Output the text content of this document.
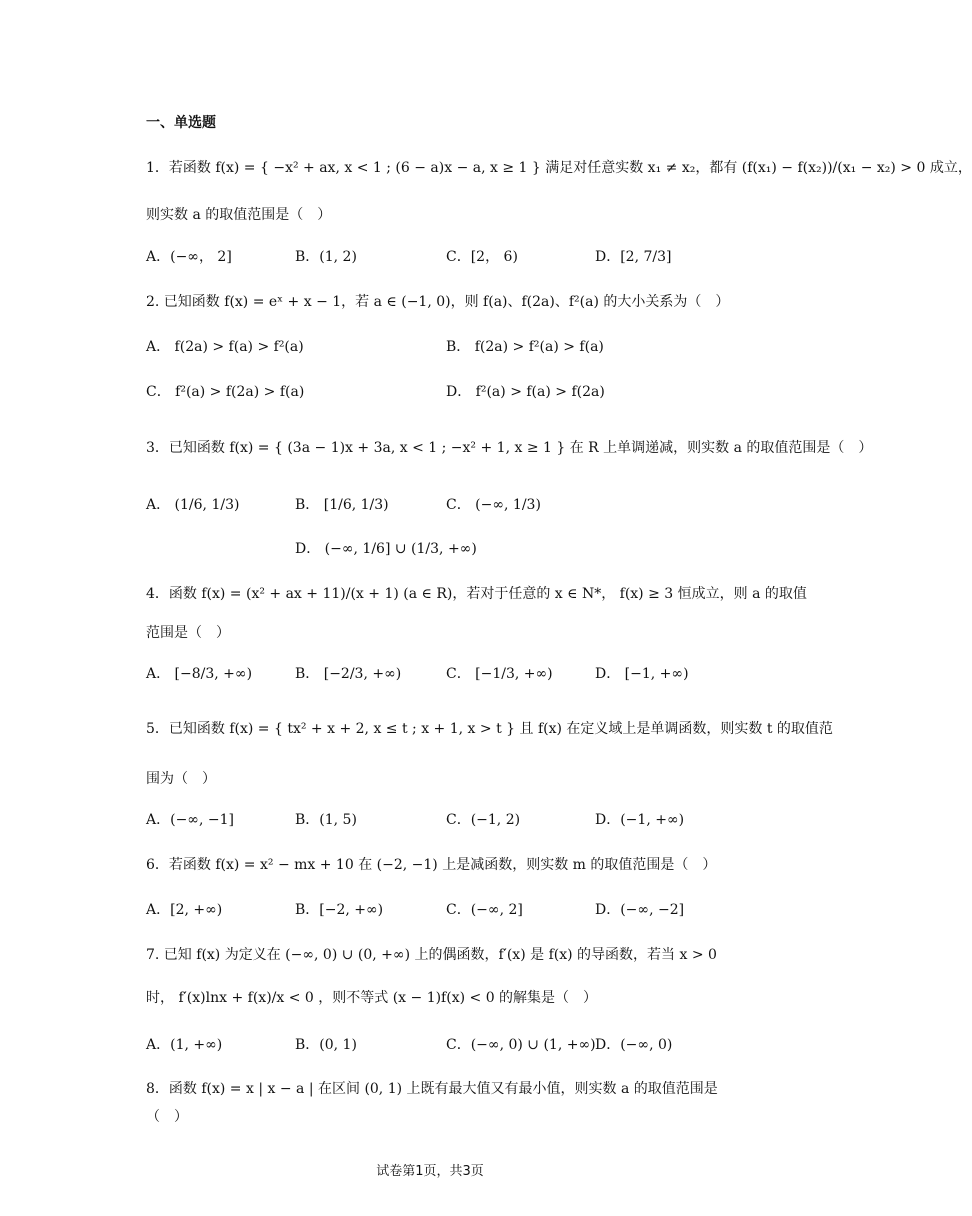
一、单选题
1．若函数 f(x) = { −x² + ax, x < 1 ; (6 − a)x − a, x ≥ 1 } 满足对任意实数 x₁ ≠ x₂，都有 (f(x₁) − f(x₂))/(x₁ − x₂) > 0 成立，
则实数 a 的取值范围是（　）
A．(−∞， 2]	B．(1, 2)	C．[2， 6)	D．[2, 7/3]
2. 已知函数 f(x) = eˣ + x − 1，若 a ∈ (−1, 0)，则 f(a)、f(2a)、f²(a) 的大小关系为（　）
A． f(2a) > f(a) > f²(a)	B． f(2a) > f²(a) > f(a)
C． f²(a) > f(2a) > f(a)	D． f²(a) > f(a) > f(2a)
3．已知函数 f(x) = { (3a − 1)x + 3a, x < 1 ; −x² + 1, x ≥ 1 } 在 R 上单调递减，则实数 a 的取值范围是（　）
A． (1/6, 1/3)	B． [1/6, 1/3)	C． (−∞, 1/3)
D． (−∞, 1/6] ∪ (1/3, +∞)
4．函数 f(x) = (x² + ax + 11)/(x + 1) (a ∈ R)，若对于任意的 x ∈ N*， f(x) ≥ 3 恒成立，则 a 的取值
范围是（　）
A． [−8/3, +∞)	B． [−2/3, +∞)	C． [−1/3, +∞)	D． [−1, +∞)
5．已知函数 f(x) = { tx² + x + 2, x ≤ t ; x + 1, x > t } 且 f(x) 在定义域上是单调函数，则实数 t 的取值范
围为（　）
A．(−∞, −1]	B．(1, 5)	C．(−1, 2)	D．(−1, +∞)
6．若函数 f(x) = x² − mx + 10 在 (−2, −1) 上是减函数，则实数 m 的取值范围是（　）
A．[2, +∞)	B．[−2, +∞)	C．(−∞, 2]	D．(−∞, −2]
7. 已知 f(x) 为定义在 (−∞, 0) ∪ (0, +∞) 上的偶函数，f′(x) 是 f(x) 的导函数，若当 x > 0
时， f′(x)lnx + f(x)/x < 0 ，则不等式 (x − 1)f(x) < 0 的解集是（　）
A．(1, +∞)	B．(0, 1)	C．(−∞, 0) ∪ (1, +∞) D．(−∞, 0)
8．函数 f(x) = x | x − a | 在区间 (0, 1) 上既有最大值又有最小值，则实数 a 的取值范围是
（　）
试卷第1页，共3页
